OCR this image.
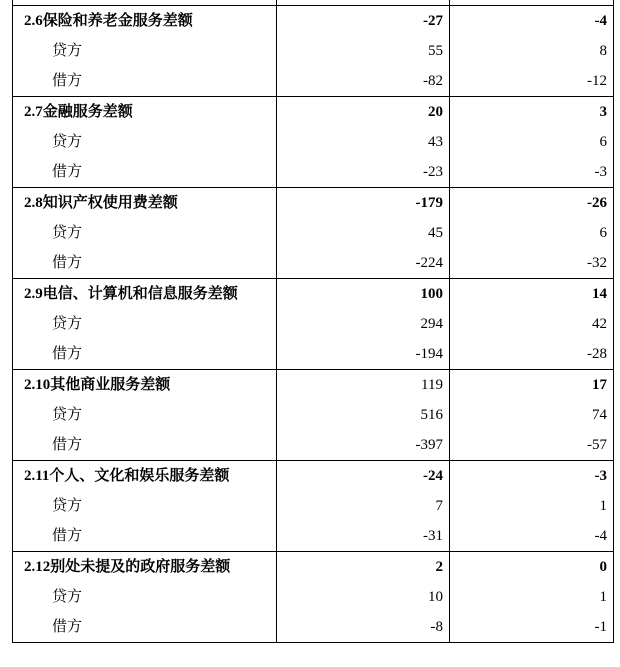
2.6保险和养老金服务差额	-27	-4
贷方	55	8
借方	-82	-12
2.7金融服务差额	20	3
贷方	43	6
借方	-23	-3
2.8知识产权使用费差额	-179	-26
贷方	45	6
借方	-224	-32
2.9电信、计算机和信息服务差额	100	14
贷方	294	42
借方	-194	-28
2.10其他商业服务差额	119	17
贷方	516	74
借方	-397	-57
2.11个人、文化和娱乐服务差额	-24	-3
贷方	7	1
借方	-31	-4
2.12别处未提及的政府服务差额	2	0
贷方	10	1
借方	-8	-1
